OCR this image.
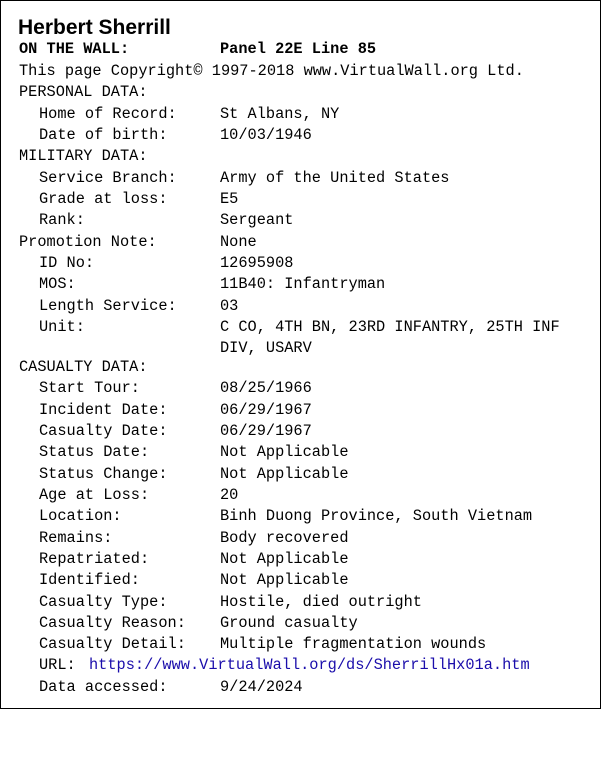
Herbert Sherrill

ON THE WALL:

	Panel 22E Line 85

This page Copyright© 1997-2018 www.VirtualWall.org Ltd.

PERSONAL DATA:

Home of Record:

	St Albans, NY

Date of birth:

	10/03/1946

MILITARY DATA:

Service Branch:

	Army of the United States

Grade at loss:

	E5

Rank:

	Sergeant

Promotion Note:

	None

ID No:

	12695908

MOS:

	11B40: Infantryman

Length Service:

	03

Unit:

	C CO, 4TH BN, 23RD INFANTRY, 25TH INF

DIV, USARV

CASUALTY DATA:

Start Tour:

	08/25/1966

Incident Date:

	06/29/1967

Casualty Date:

	06/29/1967

Status Date:

	Not Applicable

Status Change:

	Not Applicable

Age at Loss:

	20

Location:

	Binh Duong Province, South Vietnam

Remains:

	Body recovered

Repatriated:

	Not Applicable

Identified:

	Not Applicable

Casualty Type:

	Hostile, died outright

Casualty Reason:

Ground casualty

Casualty Detail:

Multiple fragmentation wounds

URL:

https://www.VirtualWall.org/ds/SherrillHx01a.htm

Data accessed:

	9/24/2024
